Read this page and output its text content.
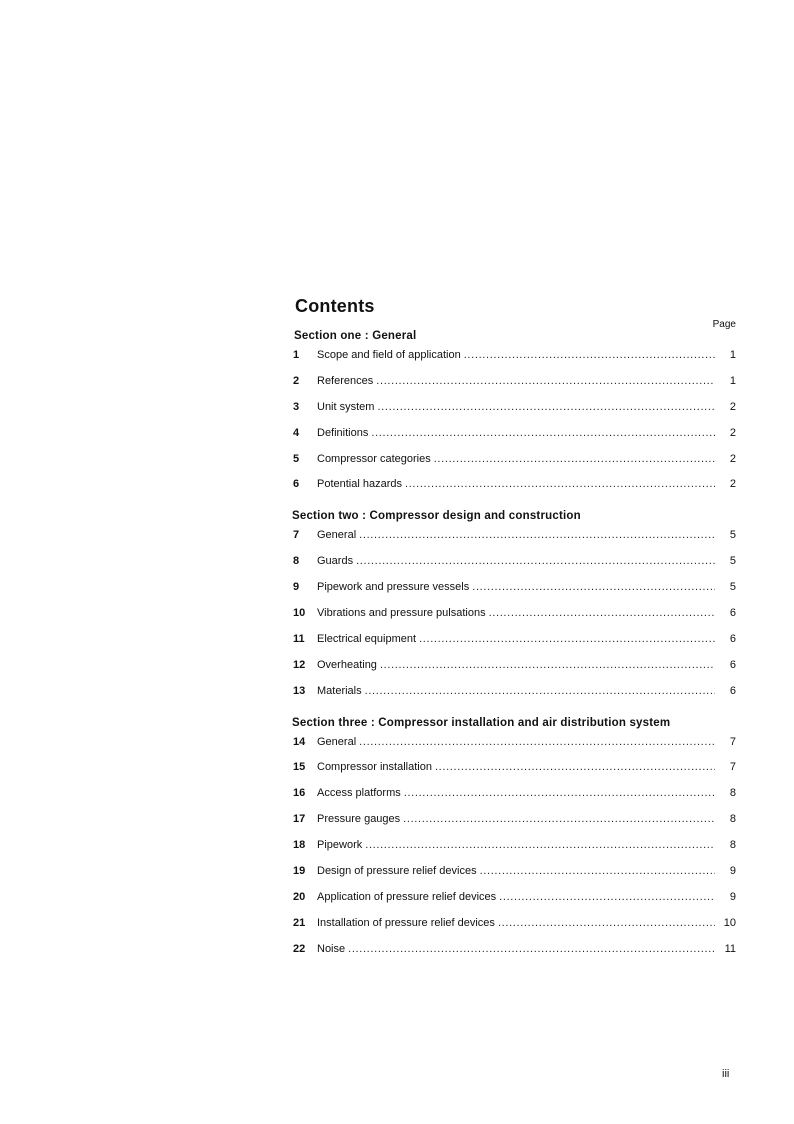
Contents
Page
Section one : General
1	Scope and field of application . . .	1
2	References . . .	1
3	Unit system . . .	2
4	Definitions . . .	2
5	Compressor categories . . .	2
6	Potential hazards . . .	2
Section two : Compressor design and construction
7	General . . .	5
8	Guards . . .	5
9	Pipework and pressure vessels . . .	5
10	Vibrations and pressure pulsations . . .	6
11	Electrical equipment . . .	6
12	Overheating . . .	6
13	Materials . . .	6
Section three : Compressor installation and air distribution system
14	General . . .	7
15	Compressor installation . . .	7
16	Access platforms . . .	8
17	Pressure gauges . . .	8
18	Pipework . . .	8
19	Design of pressure relief devices . . .	9
20	Application of pressure relief devices . . .	9
21	Installation of pressure relief devices . . .	10
22	Noise . . .	11
iii
